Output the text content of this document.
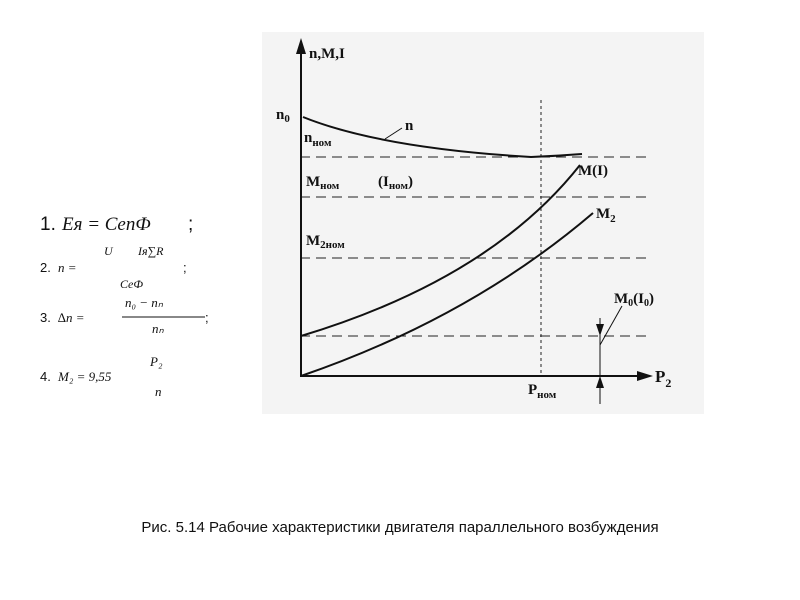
1. Eя = CenФ ;
2. n =
U Iя∑R
CeФ
;
3. ∆n =
n₀ − nₙ
nₙ
;
4. M₂ = 9,55
P₂
n
n,M,I
$n_0$	n
$n_{ном}$
M(I)
$M_{ном}$	$(I_{ном})$
$M_2$
$M_2ном$
$M_0(I_0)$
$P_{ном}$
$P_2$
Рис. 5.14 Рабочие характеристики двигателя параллельного возбуждения
